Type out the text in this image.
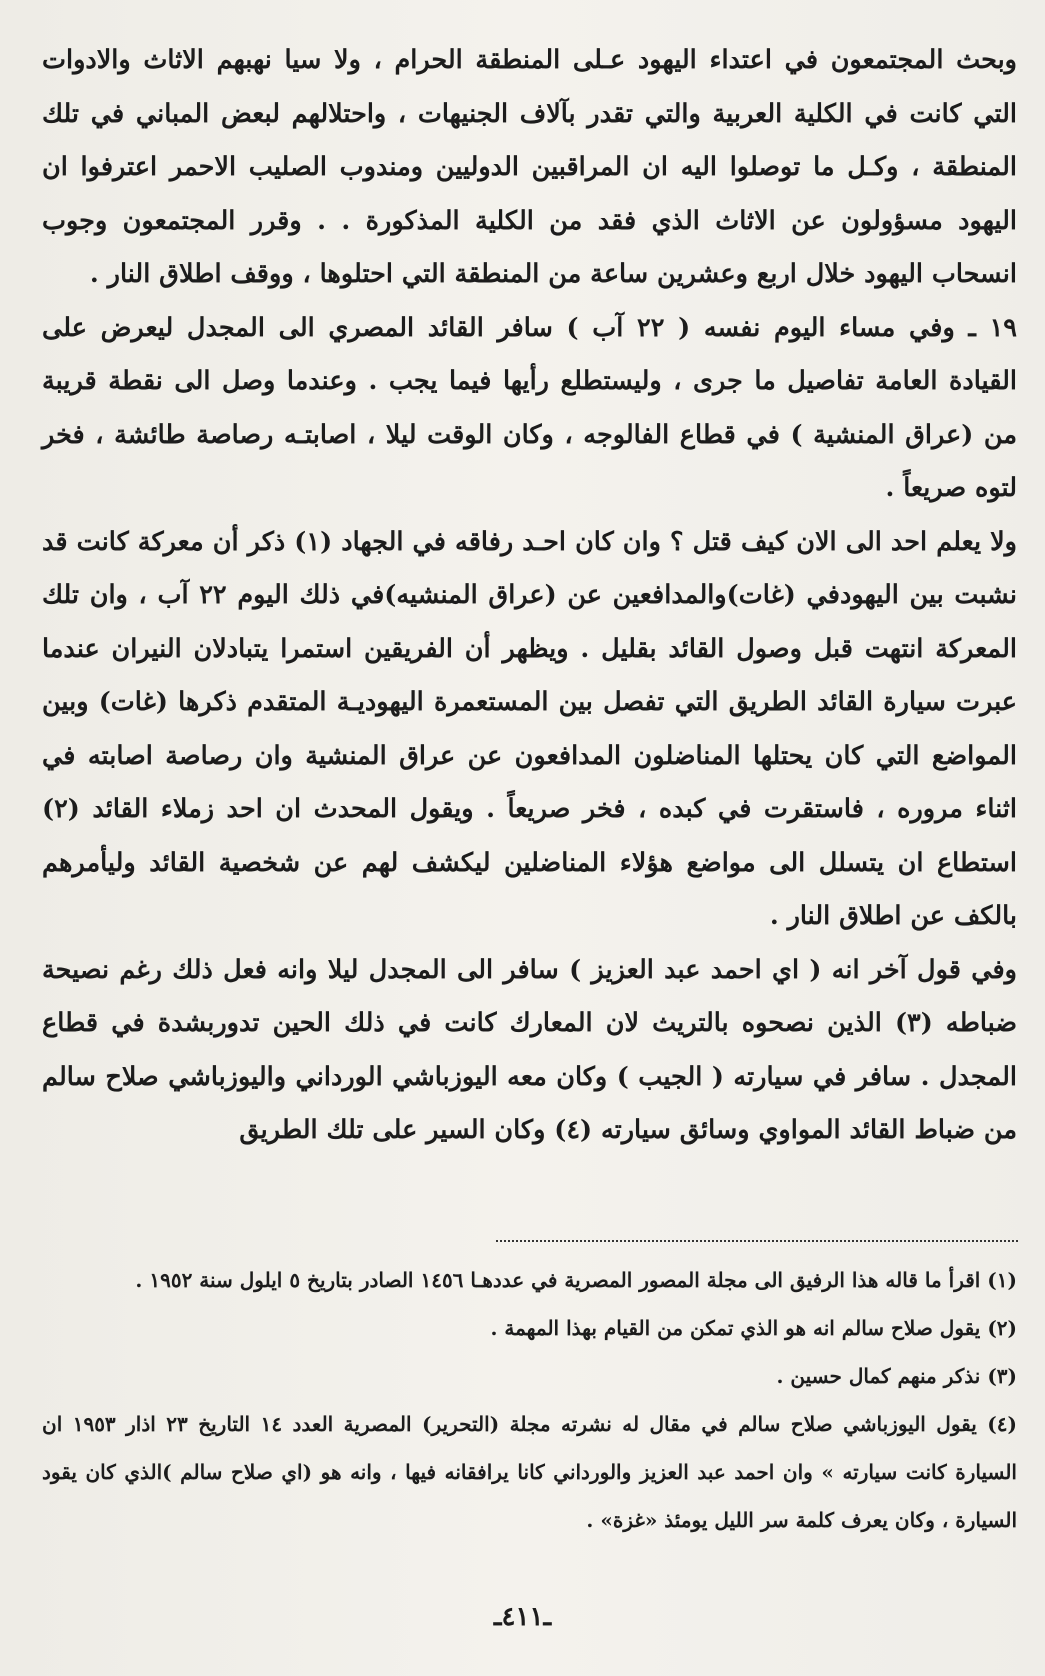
وبحث المجتمعون في اعتداء اليهود عـلى المنطقة الحرام ، ولا سيا نهبهم الاثاث والادوات التي كانت في الكلية العربية والتي تقدر بآلاف الجنيهات ، واحتلالهم لبعض المباني في تلك المنطقة ، وكـل ما توصلوا اليه ان المراقبين الدوليين ومندوب الصليب الاحمر اعترفوا ان اليهود مسؤولون عن الاثاث الذي فقد من الكلية المذكورة . . وقرر المجتمعون وجوب انسحاب اليهود خلال اربع وعشرين ساعة من المنطقة التي احتلوها ، ووقف اطلاق النار .

١٩ ـ وفي مساء اليوم نفسه ( ٢٢ آب ) سافر القائد المصري الى المجدل ليعرض على القيادة العامة تفاصيل ما جرى ، وليستطلع رأيها فيما يجب . وعندما وصل الى نقطة قريبة من (عراق المنشية ) في قطاع الفالوجه ، وكان الوقت ليلا ، اصابتـه رصاصة طائشة ، فخر لتوه صريعاً .

ولا يعلم احد الى الان كيف قتل ؟ وان كان احـد رفاقه في الجهاد (١) ذكر أن معركة كانت قد نشبت بين اليهودفي (غات)والمدافعين عن (عراق المنشيه)في ذلك اليوم ٢٢ آب ، وان تلك المعركة انتهت قبل وصول القائد بقليل . ويظهر أن الفريقين استمرا يتبادلان النيران عندما عبرت سيارة القائد الطريق التي تفصل بين المستعمرة اليهوديـة المتقدم ذكرها (غات) وبين المواضع التي كان يحتلها المناضلون المدافعون عن عراق المنشية وان رصاصة اصابته في اثناء مروره ، فاستقرت في كبده ، فخر صريعاً . ويقول المحدث ان احد زملاء القائد (٢) استطاع ان يتسلل الى مواضع هؤلاء المناضلين ليكشف لهم عن شخصية القائد وليأمرهم بالكف عن اطلاق النار .

وفي قول آخر انه ( اي احمد عبد العزيز ) سافر الى المجدل ليلا وانه فعل ذلك رغم نصيحة ضباطه (٣) الذين نصحوه بالتريث لان المعارك كانت في ذلك الحين تدوربشدة في قطاع المجدل . سافر في سيارته ( الجيب ) وكان معه اليوزباشي الورداني واليوزباشي صلاح سالم من ضباط القائد المواوي وسائق سيارته (٤) وكان السير على تلك الطريق

(١) اقرأ ما قاله هذا الرفيق الى مجلة المصور المصرية في عددهـا ١٤٥٦ الصادر بتاريخ ٥ ايلول سنة ١٩٥٢ .

(٢) يقول صلاح سالم انه هو الذي تمكن من القيام بهذا المهمة .

(٣) نذكر منهم كمال حسين .

(٤) يقول اليوزباشي صلاح سالم في مقال له نشرته مجلة (التحرير) المصرية العدد ١٤ التاريخ ٢٣ اذار ١٩٥٣ ان السيارة كانت سيارته » وان احمد عبد العزيز والورداني كانا يرافقانه فيها ، وانه هو (اي صلاح سالم )الذي كان يقود السيارة ، وكان يعرف كلمة سر الليل يومئذ «غزة» .

ـ٤١١ـ
